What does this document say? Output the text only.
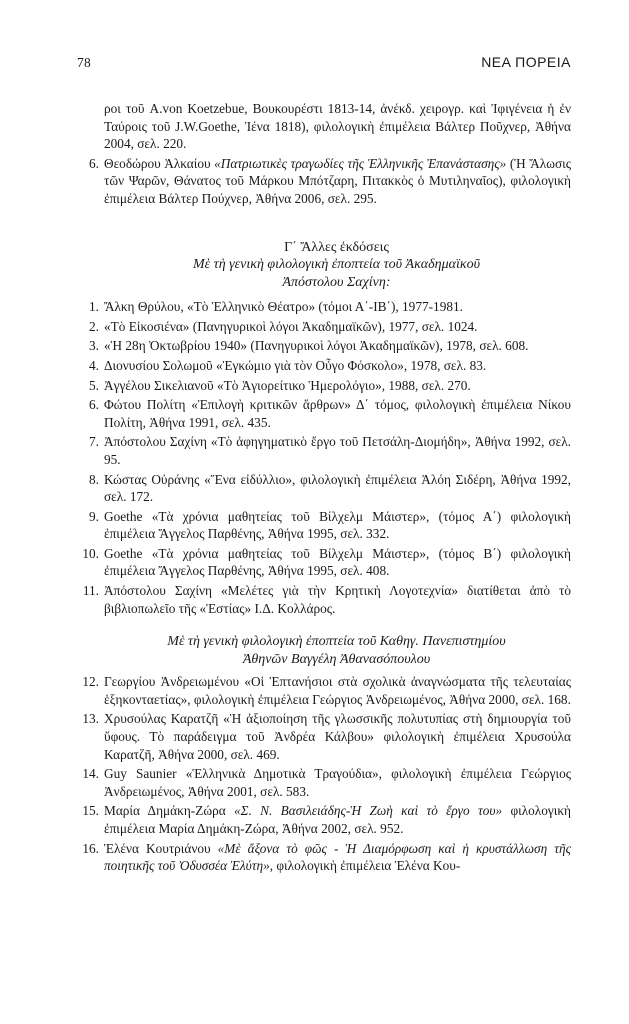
78	ΝΕΑ ΠΟΡΕΙΑ
ροι τοῦ A.von Koetzebue, Βουκουρέστι 1813-14, ἀνέκδ. χειρογρ. καὶ Ἰφιγένεια ἡ ἐν Ταύροις τοῦ J.W.Goethe, Ἰένα 1818), φιλολογικὴ ἐπιμέλεια Βάλτερ Ποῦχνερ, Ἀθήνα 2004, σελ. 220.
6. Θεοδώρου Ἀλκαίου «Πατριωτικὲς τραγωδίες τῆς Ἑλληνικῆς Ἐπανάστασης» (Ἡ Ἄλωσις τῶν Ψαρῶν, Θάνατος τοῦ Μάρκου Μπότζαρη, Πιτακκὸς ὁ Μυτιληναῖος), φιλολογικὴ ἐπιμέλεια Βάλτερ Πούχνερ, Ἀθήνα 2006, σελ. 295.
Γ΄ Ἄλλες ἐκδόσεις
Μὲ τὴ γενικὴ φιλολογικὴ ἐποπτεία τοῦ Ἀκαδημαϊκοῦ
Ἀπόστολου Σαχίνη:
1. Ἄλκη Θρύλου, «Τὸ Ἑλληνικὸ Θέατρο» (τόμοι Α΄-ΙΒ΄), 1977-1981.
2. «Τὸ Εἰκοσιένα» (Πανηγυρικοὶ λόγοι Ἀκαδημαϊκῶν), 1977, σελ. 1024.
3. «Ἡ 28η Ὀκτωβρίου 1940» (Πανηγυρικοὶ λόγοι Ἀκαδημαϊκῶν), 1978, σελ. 608.
4. Διονυσίου Σολωμοῦ «Ἐγκώμιο γιὰ τὸν Οὖγο Φόσκολο», 1978, σελ. 83.
5. Ἀγγέλου Σικελιανοῦ «Τὸ Ἁγιορείτικο Ἡμερολόγιο», 1988, σελ. 270.
6. Φώτου Πολίτη «Ἐπιλογὴ κριτικῶν ἄρθρων» Δ΄ τόμος, φιλολογικὴ ἐπιμέλεια Νίκου Πολίτη, Ἀθήνα 1991, σελ. 435.
7. Ἀπόστολου Σαχίνη «Τὸ ἀφηγηματικὸ ἔργο τοῦ Πετσάλη-Διομήδη», Ἀθήνα 1992, σελ. 95.
8. Κώστας Οὐράνης «Ἕνα εἰδύλλιο», φιλολογικὴ ἐπιμέλεια Ἀλόη Σιδέρη, Ἀθήνα 1992, σελ. 172.
9. Goethe «Τὰ χρόνια μαθητείας τοῦ Βίλχελμ Μάιστερ», (τόμος Α΄) φιλολογικὴ ἐπιμέλεια Ἄγγελος Παρθένης, Ἀθήνα 1995, σελ. 332.
10. Goethe «Τὰ χρόνια μαθητείας τοῦ Βίλχελμ Μάιστερ», (τόμος Β΄) φιλολογικὴ ἐπιμέλεια Ἄγγελος Παρθένης, Ἀθήνα 1995, σελ. 408.
11. Ἀπόστολου Σαχίνη «Μελέτες γιὰ τὴν Κρητικὴ Λογοτεχνία» διατίθεται ἀπὸ τὸ βιβλιοπωλεῖο τῆς «Ἑστίας» Ι.Δ. Κολλάρος.
Μὲ τὴ γενικὴ φιλολογικὴ ἐποπτεία τοῦ Καθηγ. Πανεπιστημίου
Ἀθηνῶν Βαγγέλη Ἀθανασόπουλου
12. Γεωργίου Ἀνδρειωμένου «Οἱ Ἑπτανήσιοι στὰ σχολικὰ ἀναγνώσματα τῆς τελευταίας ἑξηκονταετίας», φιλολογικὴ ἐπιμέλεια Γεώργιος Ἀνδρειωμένος, Ἀθήνα 2000, σελ. 168.
13. Χρυσούλας Καρατζῆ «Ἡ ἀξιοποίηση τῆς γλωσσικῆς πολυτυπίας στὴ δημιουργία τοῦ ὕφους. Τὸ παράδειγμα τοῦ Ἀνδρέα Κάλβου» φιλολογικὴ ἐπιμέλεια Χρυσούλα Καρατζῆ, Ἀθήνα 2000, σελ. 469.
14. Guy Saunier «Ἑλληνικὰ Δημοτικὰ Τραγούδια», φιλολογικὴ ἐπιμέλεια Γεώργιος Ἀνδρειωμένος, Ἀθήνα 2001, σελ. 583.
15. Μαρία Δημάκη-Ζώρα «Σ. Ν. Βασιλειάδης-Ἡ Ζωὴ καὶ τὸ ἔργο του» φιλολογικὴ ἐπιμέλεια Μαρία Δημάκη-Ζώρα, Ἀθήνα 2002, σελ. 952.
16. Ἑλένα Κουτριάνου «Μὲ ἄξονα τὸ φῶς - Ἡ Διαμόρφωση καὶ ἡ κρυστάλλωση τῆς ποιητικῆς τοῦ Ὀδυσσέα Ἐλύτη», φιλολογικὴ ἐπιμέλεια Ἑλένα Κου-
